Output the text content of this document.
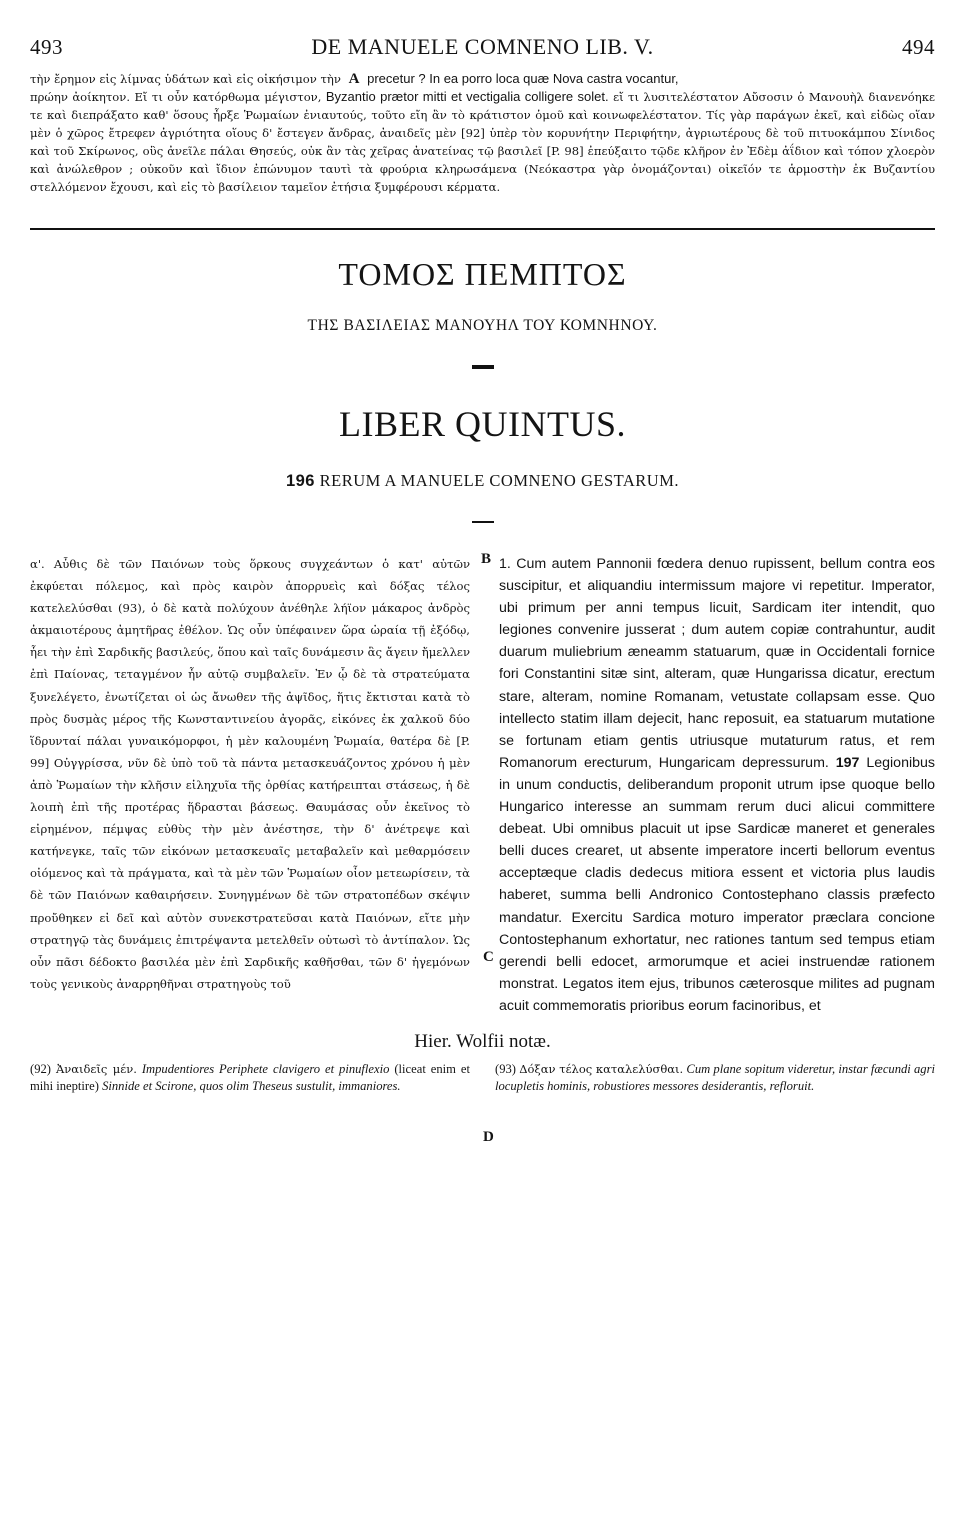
493	DE MANUELE COMNENO LIB. V.	494
τὴν ἔρημον εἰς λίμνας ὑδάτων καὶ εἰς οἰκήσιμον τὴν A precetur ? In ea porro loca quæ Nova castra vocantur,
πρώην ἀοίκητον. Εἴ τι οὖν κατόρθωμα μέγιστον, Byzantio prætor mitti et vectigalia colligere solet. εἴ τι λυσιτελέστατον Αὔσοσιν ὁ Μανουὴλ διανενόηκε τε καὶ διεπράξατο καθ' ὅσους ἦρξε Ῥωμαίων ἐνιαυτούς, τοῦτο εἴη ἂν τὸ κράτιστον ὁμοῦ καὶ κοινωφελέστατον. Τίς γὰρ παράγων ἐκεῖ, καὶ εἰδὼς οἵαν μὲν ὁ χῶρος ἔτρεφεν ἀγριότητα οἵους δ' ἔστεγεν ἄνδρας, ἀναιδεῖς μὲν [92] ὑπὲρ τὸν κορυνήτην Περιφήτην, ἀγριωτέρους δὲ τοῦ πιτυοκάμπου Σίνιδος καὶ τοῦ Σκίρωνος, οὓς ἀνεῖλε πάλαι Θησεύς, οὐκ ἂν τὰς χεῖρας ἀνατείνας τῷ βασιλεῖ [P. 98] ἐπεύξαιτο τῷδε κλῆρον ἐν Ἐδὲμ ἀΐδιον καὶ τόπον χλοερὸν καὶ ἀνώλεθρον ; οὐκοῦν καὶ ἴδιον ἐπώνυμον ταυτὶ τὰ φρούρια κληρωσάμενα (Νεόκαστρα γὰρ ὀνομάζονται) οἰκεῖόν τε ἁρμοστὴν ἐκ Βυζαντίου στελλόμενον ἔχουσι, καὶ εἰς τὸ βασίλειον ταμεῖον ἐτήσια ξυμφέρουσι κέρματα.
ΤΟΜΟΣ ΠΕΜΠΤΟΣ
ΤΗΣ ΒΑΣΙΛΕΙΑΣ ΜΑΝΟΥΗΛ ΤΟΥ ΚΟΜΝΗΝΟΥ.
LIBER QUINTUS.
196 RERUM A MANUELE COMNENO GESTARUM.
B
C
D
α'. Αὖθις δὲ τῶν Παιόνων τοὺς ὅρκους συγχεάντων ὁ κατ' αὐτῶν ἐκφύεται πόλεμος, καὶ πρὸς καιρὸν ἀπορρυεὶς καὶ δόξας τέλος κατελελύσθαι (93), ὁ δὲ κατὰ πολύχουν ἀνέθηλε λήϊον μάκαρος ἀνδρὸς ἀκμαιοτέρους ἀμητῆρας ἐθέλον. Ὡς οὖν ὑπέφαινεν ὥρα ὡραία τῇ ἐξόδῳ, ἧει τὴν ἐπὶ Σαρδικῆς βασιλεύς, ὅπου καὶ ταῖς δυνάμεσιν ἃς ἄγειν ἤμελλεν ἐπὶ Παίονας, τεταγμένον ἦν αὐτῷ συμβαλεῖν. Ἐν ᾧ δὲ τὰ στρατεύματα ξυνελέγετο, ἐνωτίζεται οἱ ὡς ἄνωθεν τῆς ἀψῖδος, ἥτις ἔκτισται κατὰ τὸ πρὸς δυσμὰς μέρος τῆς Κωνσταντινείου ἀγορᾶς, εἰκόνες ἐκ χαλκοῦ δύο ἵδρυνταί πάλαι γυναικόμορφοι, ἡ μὲν καλουμένη Ῥωμαία, θατέρα δὲ [P. 99] Οὐγγρίσσα, νῦν δὲ ὑπὸ τοῦ τὰ πάντα μετασκευάζοντος χρόνου ἡ μὲν ἀπὸ Ῥωμαίων τὴν κλῆσιν εἰληχυῖα τῆς ὀρθίας κατήρειπται στάσεως, ἡ δὲ λοιπὴ ἐπὶ τῆς προτέρας ἥδρασται βάσεως. Θαυμάσας οὖν ἐκεῖνος τὸ εἰρημένον, πέμψας εὐθὺς τὴν μὲν ἀνέστησε, τὴν δ' ἀνέτρεψε καὶ κατήνεγκε, ταῖς τῶν εἰκόνων μετασκευαῖς μεταβαλεῖν καὶ μεθαρμόσειν οἰόμενος καὶ τὰ πράγματα, καὶ τὰ μὲν τῶν Ῥωμαίων οἷον μετεωρίσειν, τὰ δὲ τῶν Παιόνων καθαιρήσειν. Συνηγμένων δὲ τῶν στρατοπέδων σκέψιν προὔθηκεν εἰ δεῖ καὶ αὐτὸν συνεκστρατεῦσαι κατὰ Παιόνων, εἴτε μὴν στρατηγῷ τὰς δυνάμεις ἐπιτρέψαντα μετελθεῖν οὑτωσὶ τὸ ἀντίπαλον. Ὡς οὖν πᾶσι δέδοκτο βασιλέα μὲν ἐπὶ Σαρδικῆς καθῆσθαι, τῶν δ' ἡγεμόνων τοὺς γενικοὺς ἀναρρηθῆναι στρατηγοὺς τοῦ
1. Cum autem Pannonii fœdera denuo rupissent, bellum contra eos suscipitur, et aliquandiu intermissum majore vi repetitur. Imperator, ubi primum per anni tempus licuit, Sardicam iter intendit, quo legiones convenire jusserat ; dum autem copiæ contrahuntur, audit duarum muliebrium æneamm statuarum, quæ in Occidentali fornice fori Constantini sitæ sint, alteram, quæ Hungarissa dicatur, erectum stare, alteram, nomine Romanam, vetustate collapsam esse. Quo intellecto statim illam dejecit, hanc reposuit, ea statuarum mutatione se fortunam etiam gentis utriusque mutaturum ratus, et rem Romanorum erecturum, Hungaricam depressurum. 197 Legionibus in unum conductis, deliberandum proponit utrum ipse quoque bello Hungarico interesse an summam rerum duci alicui committere debeat. Ubi omnibus placuit ut ipse Sardicæ maneret et generales belli duces crearet, ut absente imperatore incerti bellorum eventus acceptæque cladis dedecus mitiora essent et victoria plus laudis haberet, summa belli Andronico Contostephano classis præfecto mandatur. Exercitu Sardica moturo imperator præclara concione Contostephanum exhortatur, nec rationes tantum sed tempus etiam gerendi belli edocet, armorumque et aciei instruendæ rationem monstrat. Legatos item ejus, tribunos cæterosque milites ad pugnam acuit commemoratis prioribus eorum facinoribus, et
Hier. Wolfii notæ.
(92) Ἀναιδεῖς μέν. Impudentiores Periphete clavigero et pinuflexio (liceat enim et mihi ineptire) Sinnide et Scirone, quos olim Theseus sustulit, immaniores.
(93) Δόξαν τέλος καταλελύσθαι. Cum plane sopitum videretur, instar fæcundi agri locupletis hominis, robustiores messores desiderantis, refloruit.
